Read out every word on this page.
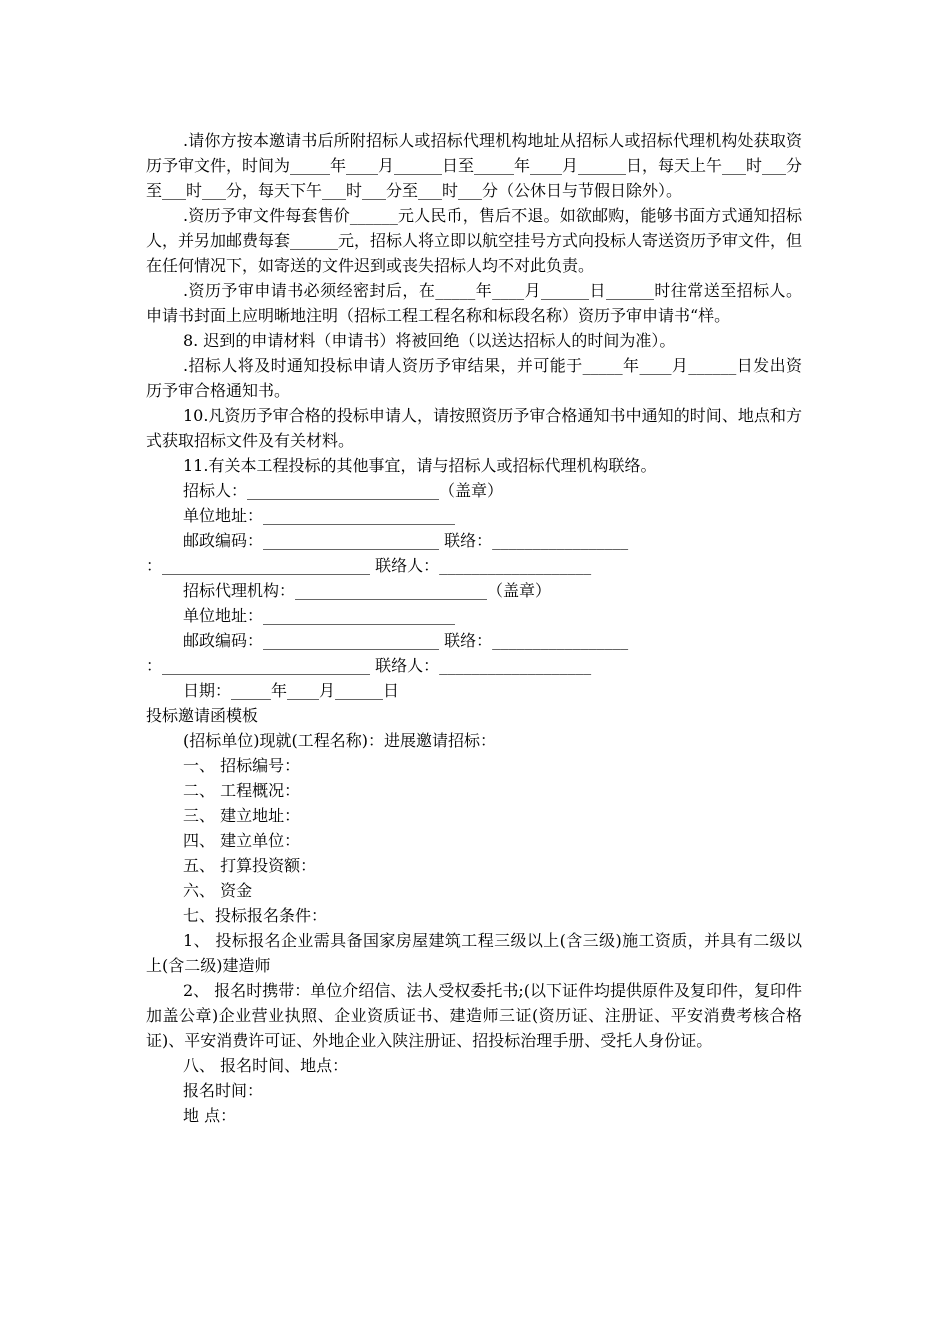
.请你方按本邀请书后所附招标人或招标代理机构地址从招标人或招标代理机构处获取资历予审文件，时间为_____年____月______日至_____年____月______日，每天上午___时___分至___时___分，每天下午___时___分至___时___分（公休日与节假日除外）。

.资历予审文件每套售价______元人民币，售后不退。如欲邮购，能够书面方式通知招标人，并另加邮费每套______元，招标人将立即以航空挂号方式向投标人寄送资历予审文件，但在任何情况下，如寄送的文件迟到或丧失招标人均不对此负责。

.资历予审申请书必须经密封后，在_____年____月______日______时往常送至招标人。申请书封面上应明晰地注明（招标工程工程名称和标段名称）资历予审申请书“样。

8. 迟到的申请材料（申请书）将被回绝（以送达招标人的时间为准）。

.招标人将及时通知投标申请人资历予审结果，并可能于_____年____月______日发出资历予审合格通知书。

10.凡资历予审合格的投标申请人，请按照资历予审合格通知书中通知的时间、地点和方式获取招标文件及有关材料。

11.有关本工程投标的其他事宜，请与招标人或招标代理机构联络。

招标人：________________________（盖章）

单位地址：________________________

邮政编码：______________________ 联络：_________________

：__________________________ 联络人：___________________

招标代理机构：________________________（盖章）

单位地址：________________________

邮政编码：______________________ 联络：_________________

：__________________________ 联络人：___________________

日期：_____年____月______日

投标邀请函模板

(招标单位)现就(工程名称)：进展邀请招标：

一、 招标编号：

二、 工程概况：

三、 建立地址：

四、 建立单位：

五、 打算投资额：

六、 资金

七、投标报名条件：

1、 投标报名企业需具备国家房屋建筑工程三级以上(含三级)施工资质，并具有二级以上(含二级)建造师

2、 报名时携带：单位介绍信、法人受权委托书;(以下证件均提供原件及复印件，复印件加盖公章)企业营业执照、企业资质证书、建造师三证(资历证、注册证、平安消费考核合格证)、平安消费许可证、外地企业入陕注册证、招投标治理手册、受托人身份证。

八、 报名时间、地点：

报名时间：

地 点：
